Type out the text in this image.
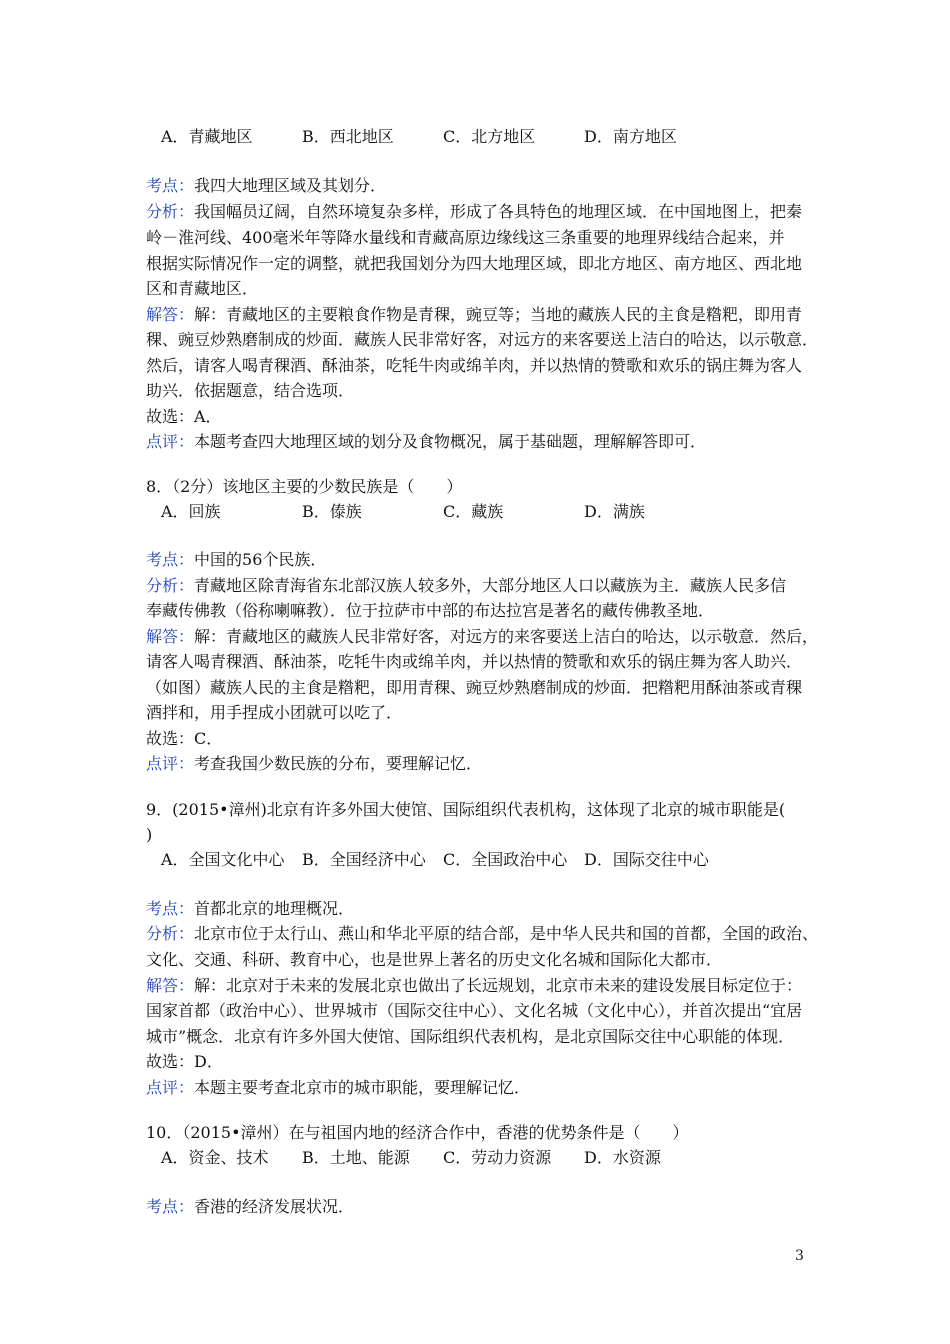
A．青藏地区	B．西北地区	C．北方地区	D．南方地区
考点：我四大地理区域及其划分．
分析：我国幅员辽阔，自然环境复杂多样，形成了各具特色的地理区域．在中国地图上，把秦
岭－淮河线、400毫米年等降水量线和青藏高原边缘线这三条重要的地理界线结合起来，并
根据实际情况作一定的调整，就把我国划分为四大地理区域，即北方地区、南方地区、西北地
区和青藏地区．
解答：解：青藏地区的主要粮食作物是青稞，豌豆等；当地的藏族人民的主食是糌粑，即用青
稞、豌豆炒熟磨制成的炒面．藏族人民非常好客，对远方的来客要送上洁白的哈达，以示敬意．
然后，请客人喝青稞酒、酥油茶，吃牦牛肉或绵羊肉，并以热情的赞歌和欢乐的锅庄舞为客人
助兴．依据题意，结合选项．
故选：A．
点评：本题考查四大地理区域的划分及食物概况，属于基础题，理解解答即可．
8．（2分）该地区主要的少数民族是（　　）
A．回族	B．傣族	C．藏族	D．满族
考点：中国的56个民族．
分析：青藏地区除青海省东北部汉族人较多外，大部分地区人口以藏族为主．藏族人民多信
奉藏传佛教（俗称喇嘛教）．位于拉萨市中部的布达拉宫是著名的藏传佛教圣地．
解答：解：青藏地区的藏族人民非常好客，对远方的来客要送上洁白的哈达，以示敬意．然后，
请客人喝青稞酒、酥油茶，吃牦牛肉或绵羊肉，并以热情的赞歌和欢乐的锅庄舞为客人助兴．
（如图）藏族人民的主食是糌粑，即用青稞、豌豆炒熟磨制成的炒面．把糌粑用酥油茶或青稞
酒拌和，用手捏成小团就可以吃了．
故选：C．
点评：考查我国少数民族的分布，要理解记忆．
9．(2015•漳州)北京有许多外国大使馆、国际组织代表机构，这体现了北京的城市职能是(
)
A．全国文化中心 B．全国经济中心 C．全国政治中心 D．国际交往中心
考点：首都北京的地理概况．
分析：北京市位于太行山、燕山和华北平原的结合部，是中华人民共和国的首都，全国的政治、
文化、交通、科研、教育中心，也是世界上著名的历史文化名城和国际化大都市．
解答：解：北京对于未来的发展北京也做出了长远规划，北京市未来的建设发展目标定位于：
国家首都（政治中心）、世界城市（国际交往中心）、文化名城（文化中心），并首次提出“宜居
城市”概念．北京有许多外国大使馆、国际组织代表机构，是北京国际交往中心职能的体现．
故选：D．
点评：本题主要考查北京市的城市职能，要理解记忆．
10．（2015•漳州）在与祖国内地的经济合作中，香港的优势条件是（　　）
A．资金、技术 B．土地、能源 C．劳动力资源 D．水资源
考点：香港的经济发展状况．
3
